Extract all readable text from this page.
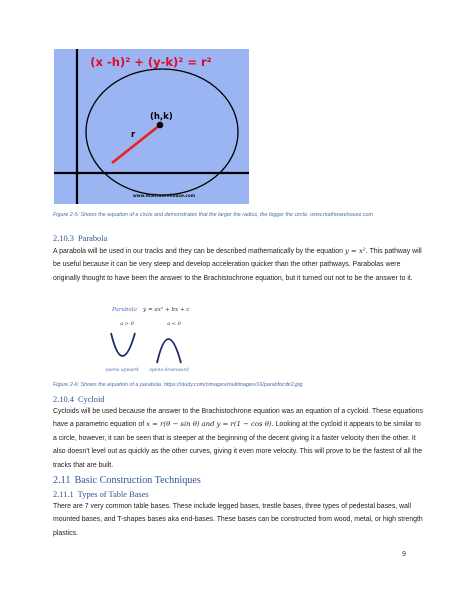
(x -h)² + (y-k)² = r²
(h,k)
r
www.mathwarehouse.com
Figure 2-5: Shows the equation of a circle and demonstrates that the larger the radius, the bigger the circle. www.mathwarehouse.com
2.10.3 Parabola
A parabola will be used in our tracks and they can be described mathematically by the equation y = x². This pathway will be useful because it can be very steep and develop acceleration quicker than the other pathways. Parabolas were originally thought to have been the answer to the Brachistochrone equation, but it turned out not to be the answer to it.
Parabola y = ax² + bx + c
a > 0	a < 0
opens upward opens downward
Figure 2-6: Shows the equation of a parabola. https://study.com/cimages/multimages/16/parabfocdir2.jpg
2.10.4 Cycloid
Cycloids will be used because the answer to the Brachistochrone equation was an equation of a cycloid. These equations have a parametric equation of x = r(θ − sin θ) and y = r(1 − cos θ). Looking at the cycloid it appears to be similar to a circle, however, it can be seen that is steeper at the beginning of the decent giving it a faster velocity then the other. It also doesn't level out as quickly as the other curves, giving it even more velocity. This will prove to be the fastest of all the tracks that are built.
2.11 Basic Construction Techniques
2.11.1 Types of Table Bases
There are 7 very common table bases. These include legged bases, trestle bases, three types of pedestal bases, wall mounted bases, and T-shapes bases aka end-bases. These bases can be constructed from wood, metal, or high strength plastics.
9
